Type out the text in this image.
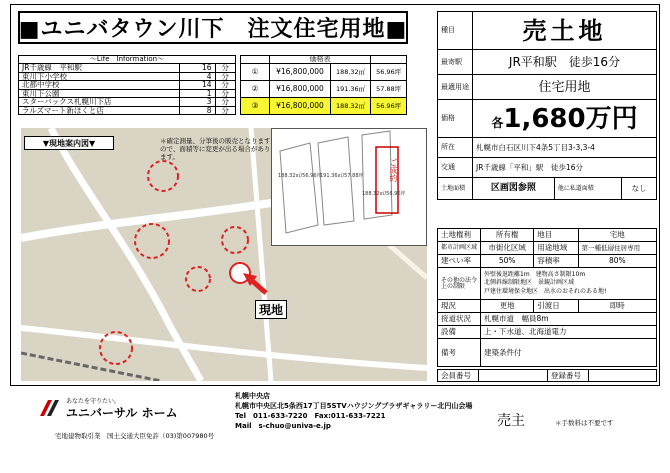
■ユニバタウン川下　注文住宅用地■
〜Life　Information〜		
JR千歳線　平和駅	16	分
東川下小学校	4	分
北都中学校	14	分
東川下公園	1	分
スターバックス札幌川下店	3	分
ラルズマート新ほくと店	8	分
	価格表		
①	¥16,800,000	188.32㎡	56.96坪
②	¥16,800,000	191.36㎡	57.88坪
③	¥16,800,000	188.32㎡	56.96坪
▼現地案内図▼	＊確定測量、分筆後の販売となりますので、面積等に変更が出る場合があります。
188.32㎡/56.96坪
191.36㎡/57.88坪
188.32㎡/56.96坪
ご成約
現地
種目	売土地		
最寄駅	JR平和駅　徒歩16分		
最適用途	住宅用地		
価格	各1,680万円		
所在	札幌市白石区川下4条5丁目3-3,3-4		
交通	JR千歳線「平和」駅　徒歩16分		
土地面積	区画図参照	他に私道面積	なし
土地権利	所有権	地目	宅地
都市計画区域	市街化区域	用途地域	第一種低層住居専用
建ぺい率	50%	容積率	80%
その他の法令上の制限	外壁後退距離1m　建物高さ制限10m
北側斜線制限地区　景観計画区域
戸建住環境保全地区　出水のおそれのある地!		

現況	更地	引渡日	即時
接道状況	札幌市道　幅員8m		
設備	上・下水道、北海道電力		
備考	建築条件付		
会員番号		登録番号	
あなたを守りたい。
ユニバーサル ホーム
宅地建物取引業　国土交通大臣免許（03)第007980号
札幌中央店
札幌市中央区北5条西17丁目5STVハウジングプラザギャラリー北円山会場
Tel　011-633-7220　Fax:011-633-7221
Mail　s-chuo@univa-e.jp	売主	＊手数料は不要です
